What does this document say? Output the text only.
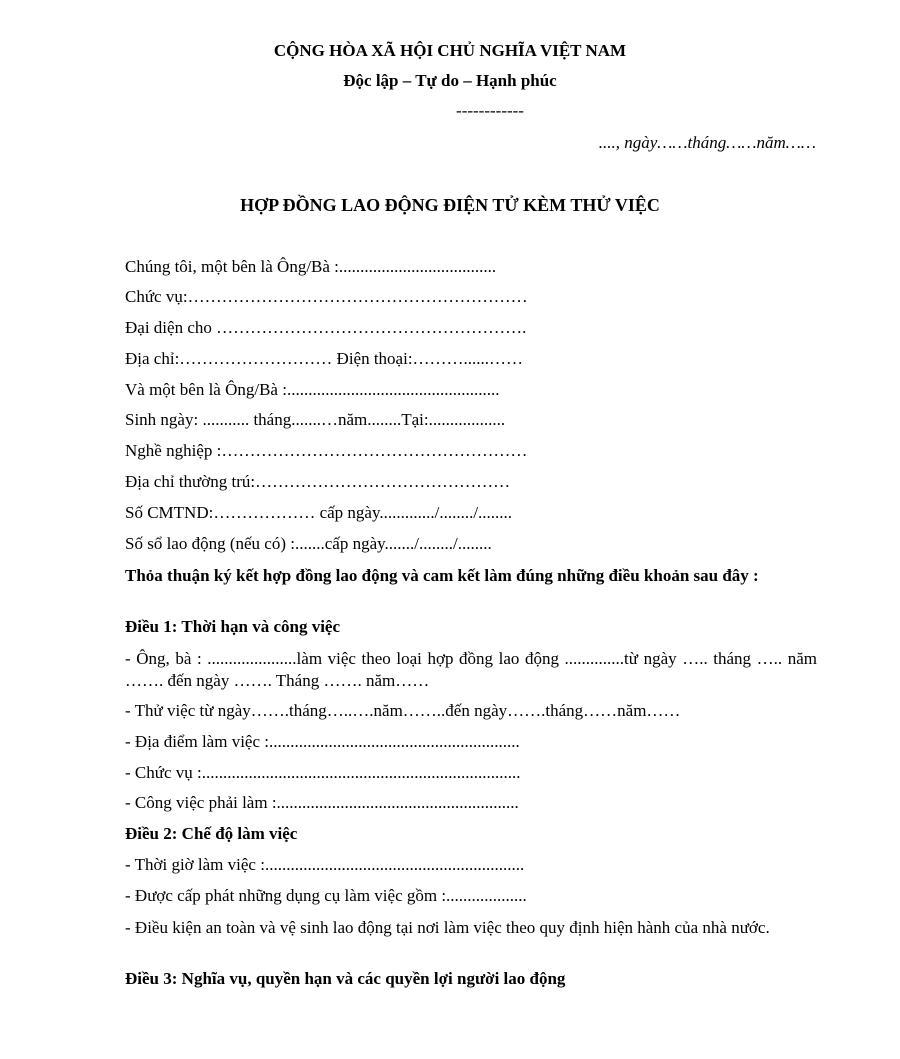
CỘNG HÒA XÃ HỘI CHỦ NGHĨA VIỆT NAM
Độc lập – Tự do – Hạnh phúc
------------
...., ngày……tháng……năm……
HỢP ĐỒNG LAO ĐỘNG ĐIỆN TỬ KÈM THỬ VIỆC
Chúng tôi, một bên là Ông/Bà :.....................................
Chức vụ:……………………………………………………
Đại diện cho ……………………………………………….
Địa chỉ:……………………… Điện thoại:………......……
Và một bên là Ông/Bà :..................................................
Sinh ngày: ........... tháng.......…năm........Tại:..................
Nghề nghiệp :………………………………………………
Địa chỉ thường trú:………………………………………
Số CMTND:……………… cấp ngày............./......../........
Số sổ lao động (nếu có) :.......cấp ngày......./......../........
Thỏa thuận ký kết hợp đồng lao động và cam kết làm đúng những điều khoản sau đây :
Điều 1: Thời hạn và công việc
- Ông, bà : .....................làm việc theo loại hợp đồng lao động ..............từ ngày ….. tháng ….. năm ……. đến ngày ……. Tháng ……. năm……
- Thử việc từ ngày…….tháng…..….năm……..đến ngày…….tháng……năm……
- Địa điểm làm việc :...........................................................
- Chức vụ :...........................................................................
- Công việc phải làm :.........................................................
Điều 2: Chế độ làm việc
- Thời giờ làm việc :.............................................................
- Được cấp phát những dụng cụ làm việc gồm :...................
- Điều kiện an toàn và vệ sinh lao động tại nơi làm việc theo quy định hiện hành của nhà nước.
Điều 3: Nghĩa vụ, quyền hạn và các quyền lợi người lao động
